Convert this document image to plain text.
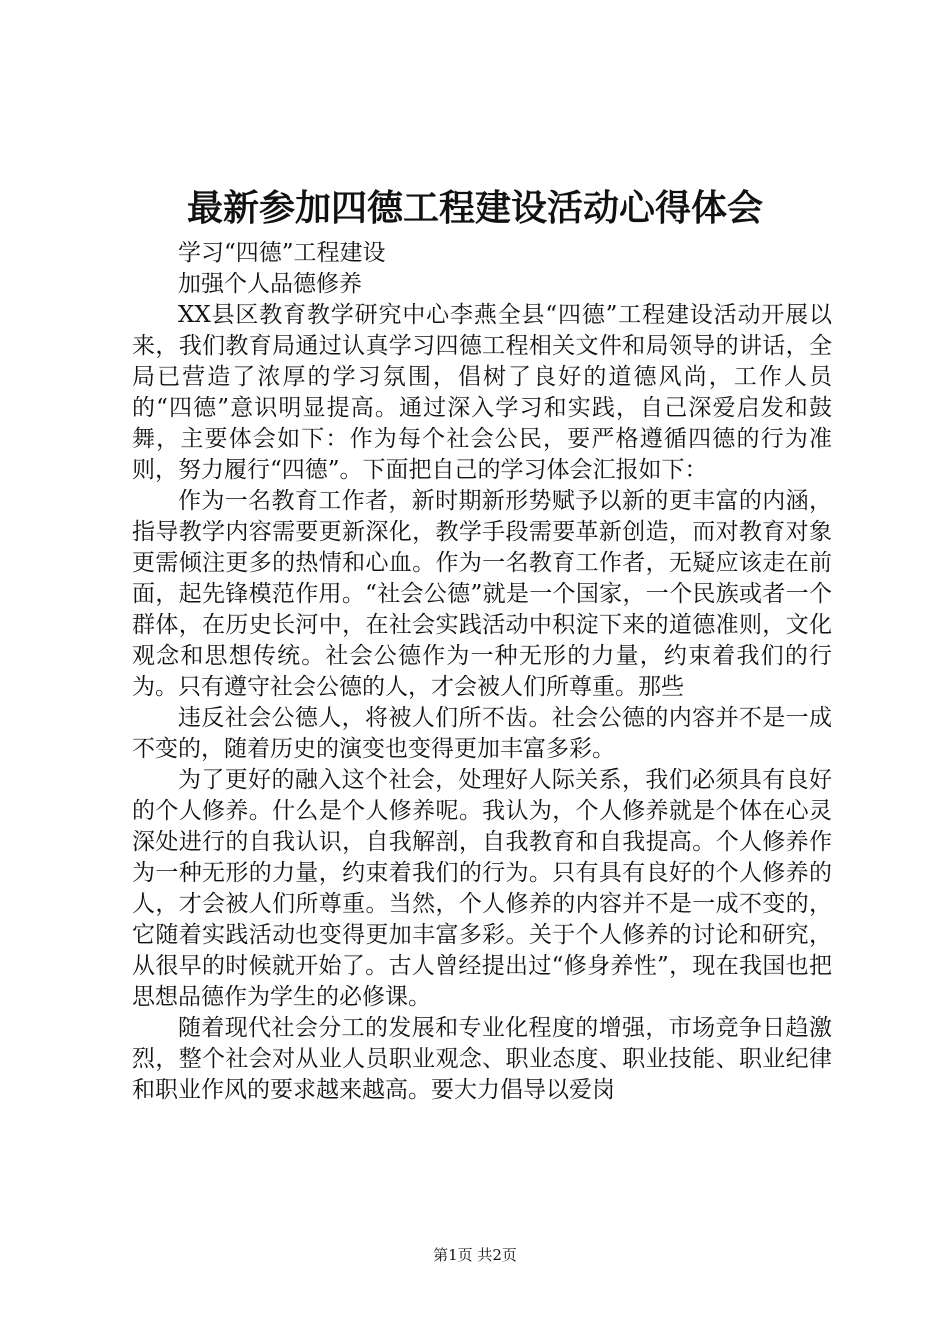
最新参加四德工程建设活动心得体会

学习“四德”工程建设

加强个人品德修养

XX县区教育教学研究中心李燕全县“四德”工程建设活动开展以来，我们教育局通过认真学习四德工程相关文件和局领导的讲话，全局已营造了浓厚的学习氛围，倡树了良好的道德风尚，工作人员的“四德”意识明显提高。通过深入学习和实践，自己深爱启发和鼓舞，主要体会如下：作为每个社会公民，要严格遵循四德的行为准则，努力履行“四德”。下面把自己的学习体会汇报如下：

作为一名教育工作者，新时期新形势赋予以新的更丰富的内涵，指导教学内容需要更新深化，教学手段需要革新创造，而对教育对象更需倾注更多的热情和心血。作为一名教育工作者，无疑应该走在前面，起先锋模范作用。“社会公德”就是一个国家，一个民族或者一个群体，在历史长河中，在社会实践活动中积淀下来的道德准则，文化观念和思想传统。社会公德作为一种无形的力量，约束着我们的行为。只有遵守社会公德的人，才会被人们所尊重。那些

违反社会公德人，将被人们所不齿。社会公德的内容并不是一成不变的，随着历史的演变也变得更加丰富多彩。

为了更好的融入这个社会，处理好人际关系，我们必须具有良好的个人修养。什么是个人修养呢。我认为，个人修养就是个体在心灵深处进行的自我认识，自我解剖，自我教育和自我提高。个人修养作为一种无形的力量，约束着我们的行为。只有具有良好的个人修养的人，才会被人们所尊重。当然，个人修养的内容并不是一成不变的，它随着实践活动也变得更加丰富多彩。关于个人修养的讨论和研究，从很早的时候就开始了。古人曾经提出过“修身养性”，现在我国也把思想品德作为学生的必修课。

随着现代社会分工的发展和专业化程度的增强，市场竞争日趋激烈，整个社会对从业人员职业观念、职业态度、职业技能、职业纪律和职业作风的要求越来越高。要大力倡导以爱岗

第1页 共2页
